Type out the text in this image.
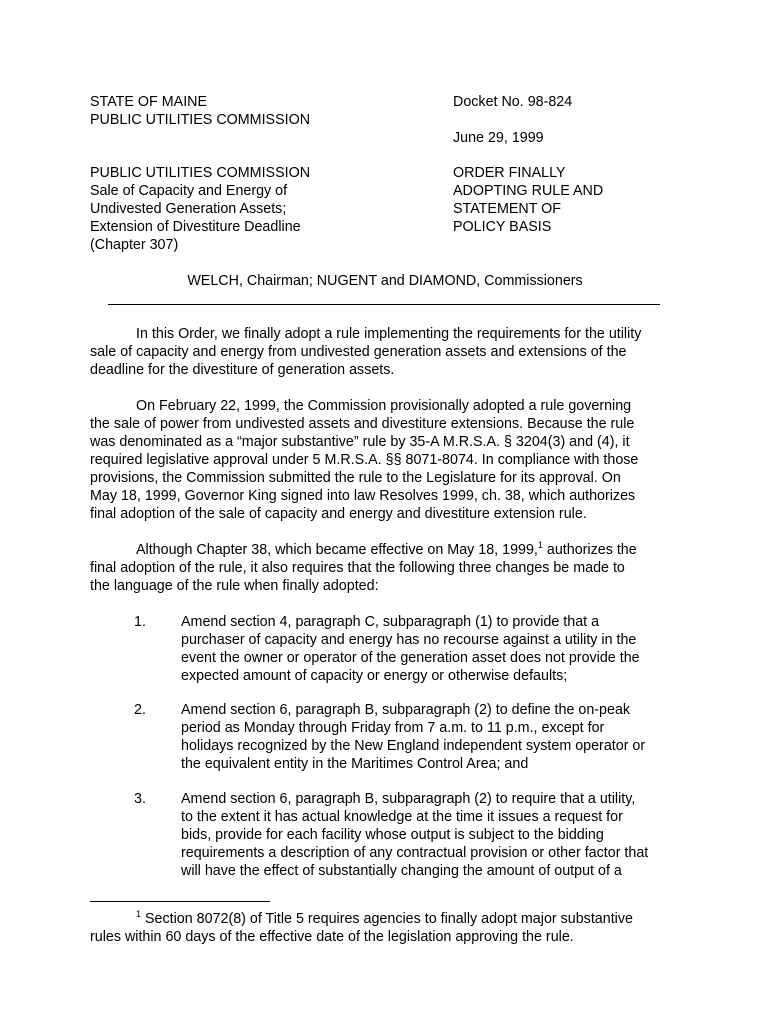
STATE OF MAINE
PUBLIC UTILITIES COMMISSION
Docket No. 98-824
June 29, 1999
PUBLIC UTILITIES COMMISSION
Sale of Capacity and Energy of
Undivested Generation Assets;
Extension of Divestiture Deadline
(Chapter 307)
ORDER FINALLY
ADOPTING RULE AND
STATEMENT OF
POLICY BASIS
WELCH, Chairman; NUGENT and DIAMOND, Commissioners

In this Order, we finally adopt a rule implementing the requirements for the utility

sale of capacity and energy from undivested generation assets and extensions of the

deadline for the divestiture of generation assets.

On February 22, 1999, the Commission provisionally adopted a rule governing

the sale of power from undivested assets and divestiture extensions. Because the rule

was denominated as a “major substantive” rule by 35-A M.R.S.A. § 3204(3) and (4), it

required legislative approval under 5 M.R.S.A. §§ 8071-8074. In compliance with those

provisions, the Commission submitted the rule to the Legislature for its approval. On

May 18, 1999, Governor King signed into law Resolves 1999, ch. 38, which authorizes

final adoption of the sale of capacity and energy and divestiture extension rule.

Although Chapter 38, which became effective on May 18, 1999,$^1$ authorizes the

final adoption of the rule, it also requires that the following three changes be made to

the language of the rule when finally adopted:

1. Amend section 4, paragraph C, subparagraph (1) to provide that a
purchaser of capacity and energy has no recourse against a utility in the
event the owner or operator of the generation asset does not provide the
expected amount of capacity or energy or otherwise defaults;
2. Amend section 6, paragraph B, subparagraph (2) to define the on-peak
period as Monday through Friday from 7 a.m. to 11 p.m., except for
holidays recognized by the New England independent system operator or
the equivalent entity in the Maritimes Control Area; and
3. Amend section 6, paragraph B, subparagraph (2) to require that a utility,
to the extent it has actual knowledge at the time it issues a request for
bids, provide for each facility whose output is subject to the bidding
requirements a description of any contractual provision or other factor that
will have the effect of substantially changing the amount of output of a
$^1$ Section 8072(8) of Title 5 requires agencies to finally adopt major substantive
rules within 60 days of the effective date of the legislation approving the rule.
